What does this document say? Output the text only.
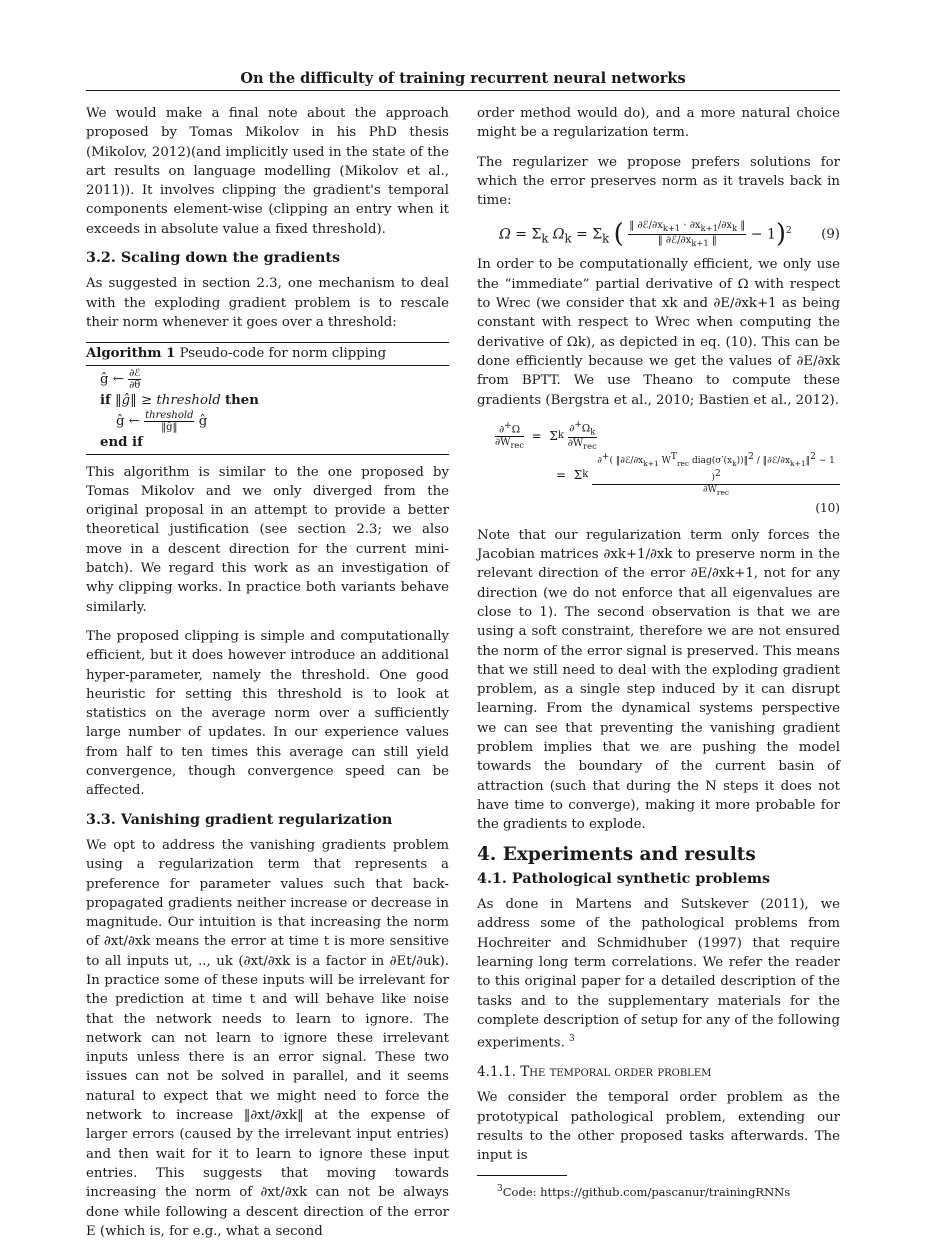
On the difficulty of training recurrent neural networks

We would make a final note about the approach proposed by Tomas Mikolov in his PhD thesis (Mikolov, 2012)(and implicitly used in the state of the art results on language modelling (Mikolov et al., 2011)). It involves clipping the gradient's temporal components element-wise (clipping an entry when it exceeds in absolute value a fixed threshold).

3.2. Scaling down the gradients

As suggested in section 2.3, one mechanism to deal with the exploding gradient problem is to rescale their norm whenever it goes over a threshold:

Algorithm 1 Pseudo-code for norm clipping
ĝ ← $\frac{\text{∂ℰ}}{\partial\theta}$
if ‖ĝ‖ ≥ threshold then
ĝ ← $\frac{\text{threshold}}{‖ĝ‖}$ ĝ
end if

This algorithm is similar to the one proposed by Tomas Mikolov and we only diverged from the original proposal in an attempt to provide a better theoretical justification (see section 2.3; we also move in a descent direction for the current mini-batch). We regard this work as an investigation of why clipping works. In practice both variants behave similarly.

The proposed clipping is simple and computationally efficient, but it does however introduce an additional hyper-parameter, namely the threshold. One good heuristic for setting this threshold is to look at statistics on the average norm over a sufficiently large number of updates. In our experience values from half to ten times this average can still yield convergence, though convergence speed can be affected.

3.3. Vanishing gradient regularization

We opt to address the vanishing gradients problem using a regularization term that represents a preference for parameter values such that back-propagated gradients neither increase or decrease in magnitude. Our intuition is that increasing the norm of ∂xt/∂xk means the error at time t is more sensitive to all inputs ut, .., uk (∂xt/∂xk is a factor in ∂Et/∂uk). In practice some of these inputs will be irrelevant for the prediction at time t and will behave like noise that the network needs to learn to ignore. The network can not learn to ignore these irrelevant inputs unless there is an error signal. These two issues can not be solved in parallel, and it seems natural to expect that we might need to force the network to increase ‖∂xt/∂xk‖ at the expense of larger errors (caused by the irrelevant input entries) and then wait for it to learn to ignore these input entries. This suggests that moving towards increasing the norm of ∂xt/∂xk can not be always done while following a descent direction of the error E (which is, for e.g., what a second

order method would do), and a more natural choice might be a regularization term.

The regularizer we propose prefers solutions for which the error preserves norm as it travels back in time:

$\Omega = \Sigma_k$ $\Omega_k = \Sigma_k$ ( $\frac{‖ \partial ℰ/\partial x_{k+1} \cdot \partial x_{k+1}/\partial x_k ‖}{‖ \partial ℰ/\partial x_{k+1} ‖} - 1)^2$	(9)

In order to be computationally efficient, we only use the “immediate” partial derivative of Ω with respect to Wrec (we consider that xk and ∂E/∂xk+1 as being constant with respect to Wrec when computing the derivative of Ωk), as depicted in eq. (10). This can be done efficiently because we get the values of ∂E/∂xk from BPTT. We use Theano to compute these gradients (Bergstra et al., 2010; Bastien et al., 2012).

$\frac{\partial^+\Omega}{\partial W_{rec}} = \Sigma$ k
$\frac{\partial^+\Omega_k}{\partial W_{rec}}$
=  Σ k
$\frac{\partial^+( ‖\partial ℰ/\partial x_{k+1} W^T_{rec} diag(\sigma'(x_k))‖^2 / ‖\partial ℰ/\partial x_{k+1}‖^2 - 1 )^2}{\partial W_{rec}}$
(10)

Note that our regularization term only forces the Jacobian matrices ∂xk+1/∂xk to preserve norm in the relevant direction of the error ∂E/∂xk+1, not for any direction (we do not enforce that all eigenvalues are close to 1). The second observation is that we are using a soft constraint, therefore we are not ensured the norm of the error signal is preserved. This means that we still need to deal with the exploding gradient problem, as a single step induced by it can disrupt learning. From the dynamical systems perspective we can see that preventing the vanishing gradient problem implies that we are pushing the model towards the boundary of the current basin of attraction (such that during the N steps it does not have time to converge), making it more probable for the gradients to explode.

4. Experiments and results
4.1. Pathological synthetic problems

As done in Martens and Sutskever (2011), we address some of the pathological problems from Hochreiter and Schmidhuber (1997) that require learning long term correlations. We refer the reader to this original paper for a detailed description of the tasks and to the supplementary materials for the complete description of setup for any of the following experiments. $^3$

4.1.1. The temporal order problem

We consider the temporal order problem as the prototypical pathological problem, extending our results to the other proposed tasks afterwards. The input is

$^3$Code: https://github.com/pascanur/trainingRNNs
